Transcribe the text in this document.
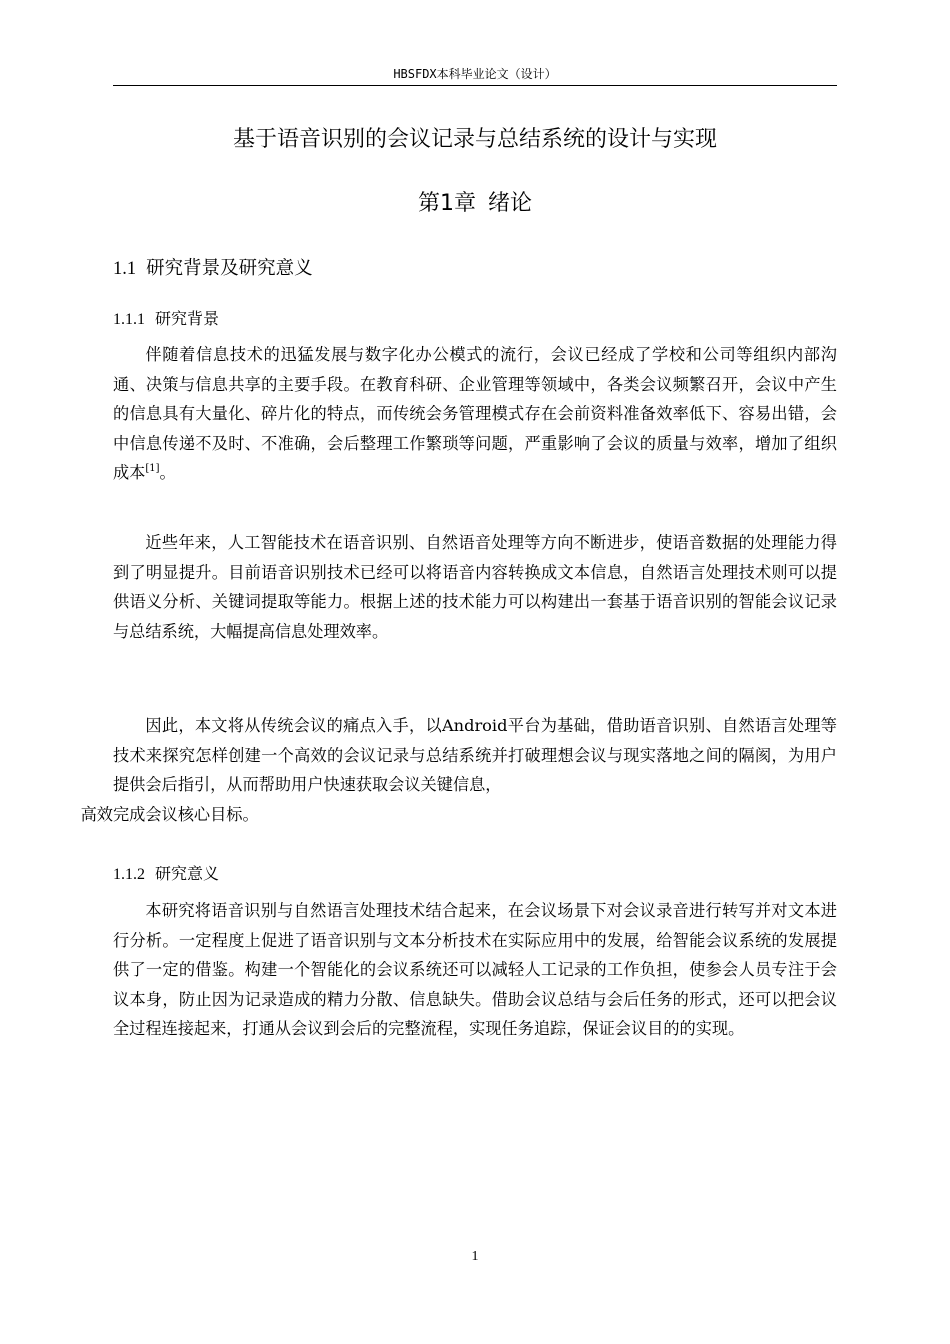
HBSFDX本科毕业论文（设计）
基于语音识别的会议记录与总结系统的设计与实现
第1章 绪论
1.1 研究背景及研究意义
1.1.1 研究背景

伴随着信息技术的迅猛发展与数字化办公模式的流行，会议已经成了学校和公司等组织内部沟通、决策与信息共享的主要手段。在教育科研、企业管理等领域中，各类会议频繁召开，会议中产生的信息具有大量化、碎片化的特点，而传统会务管理模式存在会前资料准备效率低下、容易出错，会中信息传递不及时、不准确，会后整理工作繁琐等问题，严重影响了会议的质量与效率，增加了组织成本[1]。

近些年来，人工智能技术在语音识别、自然语音处理等方向不断进步，使语音数据的处理能力得到了明显提升。目前语音识别技术已经可以将语音内容转换成文本信息，自然语言处理技术则可以提供语义分析、关键词提取等能力。根据上述的技术能力可以构建出一套基于语音识别的智能会议记录与总结系统，大幅提高信息处理效率。

因此，本文将从传统会议的痛点入手，以Android平台为基础，借助语音识别、自然语言处理等技术来探究怎样创建一个高效的会议记录与总结系统并打破理想会议与现实落地之间的隔阂，为用户提供会后指引，从而帮助用户快速获取会议关键信息，
高效完成会议核心目标。

1.1.2 研究意义

本研究将语音识别与自然语言处理技术结合起来，在会议场景下对会议录音进行转写并对文本进行分析。一定程度上促进了语音识别与文本分析技术在实际应用中的发展，给智能会议系统的发展提供了一定的借鉴。构建一个智能化的会议系统还可以减轻人工记录的工作负担，使参会人员专注于会议本身，防止因为记录造成的精力分散、信息缺失。借助会议总结与会后任务的形式，还可以把会议全过程连接起来，打通从会议到会后的完整流程，实现任务追踪，保证会议目的的实现。

1
